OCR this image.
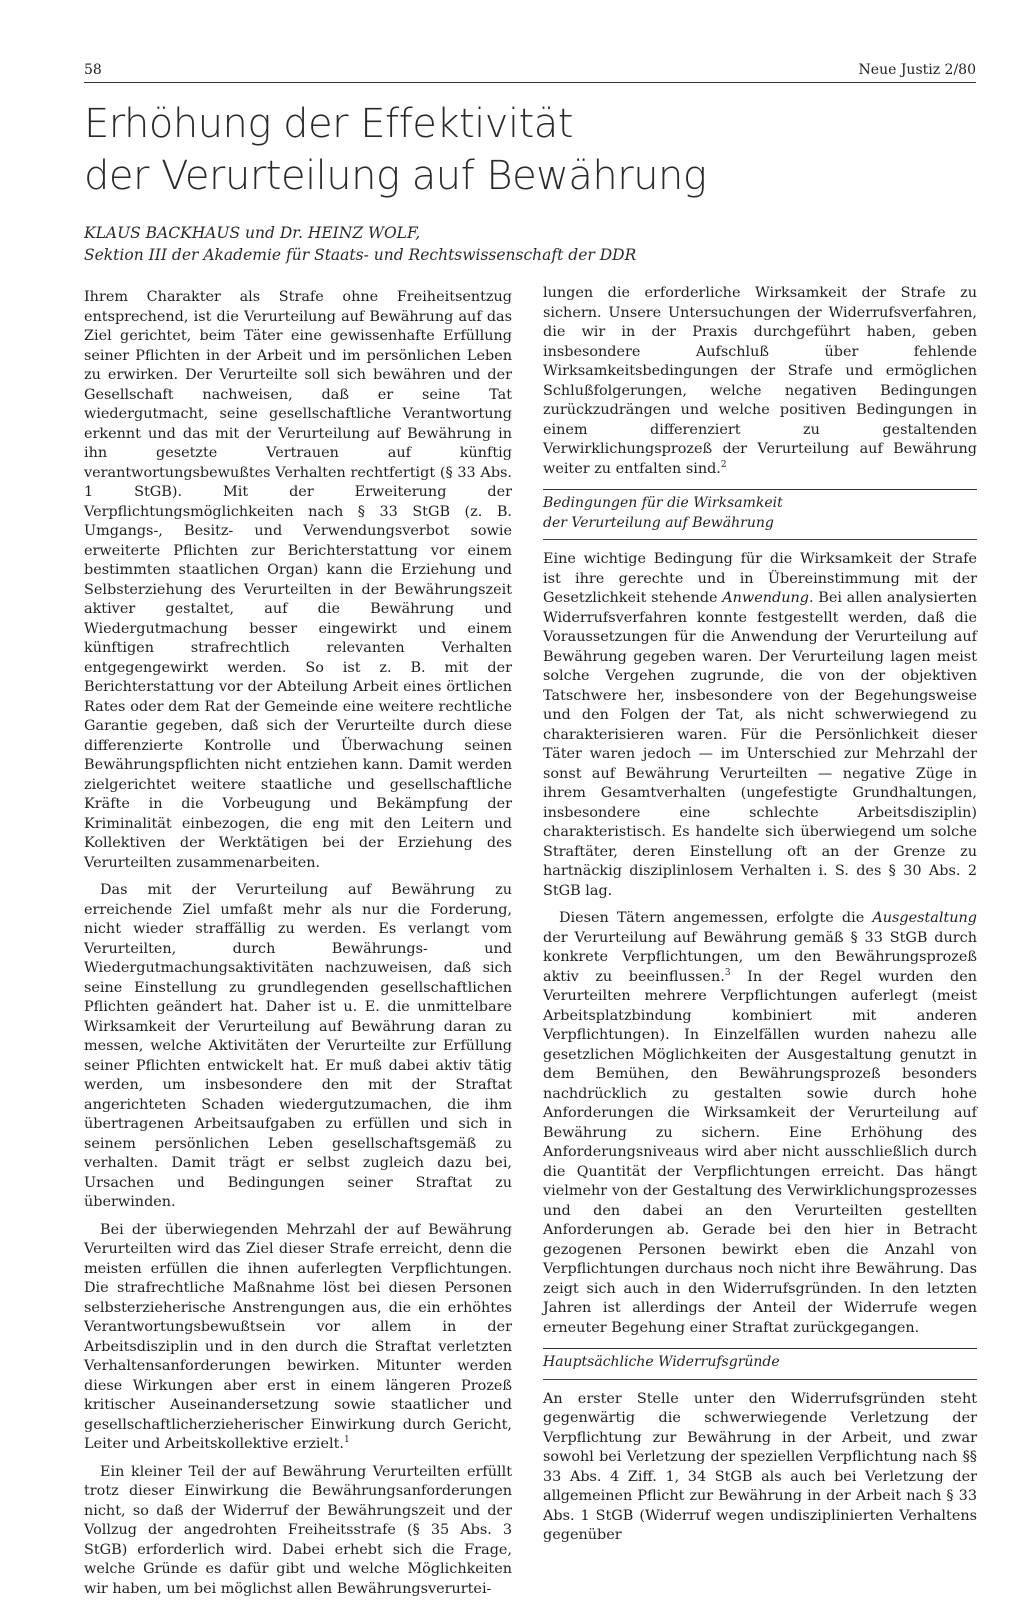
58	Neue Justiz 2/80
Erhöhung der Effektivität
der Verurteilung auf Bewährung
KLAUS BACKHAUS und Dr. HEINZ WOLF,
Sektion III der Akademie für Staats- und Rechtswissenschaft der DDR

Ihrem Charakter als Strafe ohne Freiheitsentzug entsprechend, ist die Verurteilung auf Bewährung auf das Ziel gerichtet, beim Täter eine gewissenhafte Erfüllung seiner Pflichten in der Arbeit und im persönlichen Leben zu erwirken. Der Verurteilte soll sich bewähren und der Gesellschaft nachweisen, daß er seine Tat wiedergutmacht, seine gesellschaftliche Verantwortung erkennt und das mit der Verurteilung auf Bewährung in ihn gesetzte Vertrauen auf künftig verantwortungsbewußtes Verhalten rechtfertigt (§ 33 Abs. 1 StGB). Mit der Erweiterung der Verpflichtungsmöglichkeiten nach § 33 StGB (z. B. Umgangs-, Besitz- und Verwendungsverbot sowie erweiterte Pflichten zur Berichterstattung vor einem bestimmten staatlichen Organ) kann die Erziehung und Selbsterziehung des Verurteilten in der Bewährungszeit aktiver gestaltet, auf die Bewährung und Wiedergutmachung besser eingewirkt und einem künftigen strafrechtlich relevanten Verhalten entgegengewirkt werden. So ist z. B. mit der Berichterstattung vor der Abteilung Arbeit eines örtlichen Rates oder dem Rat der Gemeinde eine weitere rechtliche Garantie gegeben, daß sich der Verurteilte durch diese differenzierte Kontrolle und Überwachung seinen Bewährungspflichten nicht entziehen kann. Damit werden zielgerichtet weitere staatliche und gesellschaftliche Kräfte in die Vorbeugung und Bekämpfung der Kriminalität einbezogen, die eng mit den Leitern und Kollektiven der Werktätigen bei der Erziehung des Verurteilten zusammenarbeiten.

Das mit der Verurteilung auf Bewährung zu erreichende Ziel umfaßt mehr als nur die Forderung, nicht wieder straffällig zu werden. Es verlangt vom Verurteilten, durch Bewährungs- und Wiedergutmachungsaktivitäten nachzuweisen, daß sich seine Einstellung zu grundlegenden gesellschaftlichen Pflichten geändert hat. Daher ist u. E. die unmittelbare Wirksamkeit der Verurteilung auf Bewährung daran zu messen, welche Aktivitäten der Verurteilte zur Erfüllung seiner Pflichten entwickelt hat. Er muß dabei aktiv tätig werden, um insbesondere den mit der Straftat angerichteten Schaden wiedergutzumachen, die ihm übertragenen Arbeitsaufgaben zu erfüllen und sich in seinem persönlichen Leben gesellschaftsgemäß zu verhalten. Damit trägt er selbst zugleich dazu bei, Ursachen und Bedingungen seiner Straftat zu überwinden.

Bei der überwiegenden Mehrzahl der auf Bewährung Verurteilten wird das Ziel dieser Strafe erreicht, denn die meisten erfüllen die ihnen auferlegten Verpflichtungen. Die strafrechtliche Maßnahme löst bei diesen Personen selbsterzieherische Anstrengungen aus, die ein erhöhtes Verantwortungsbewußtsein vor allem in der Arbeitsdisziplin und in den durch die Straftat verletzten Verhaltensanforderungen bewirken. Mitunter werden diese Wirkungen aber erst in einem längeren Prozeß kritischer Auseinandersetzung sowie staatlicher und gesellschaftlicherzieherischer Einwirkung durch Gericht, Leiter und Arbeitskollektive erzielt.$^1$

Ein kleiner Teil der auf Bewährung Verurteilten erfüllt trotz dieser Einwirkung die Bewährungsanforderungen nicht, so daß der Widerruf der Bewährungszeit und der Vollzug der angedrohten Freiheitsstrafe (§ 35 Abs. 3 StGB) erforderlich wird. Dabei erhebt sich die Frage, welche Gründe es dafür gibt und welche Möglichkeiten wir haben, um bei möglichst allen Bewährungsverurtei-

lungen die erforderliche Wirksamkeit der Strafe zu sichern. Unsere Untersuchungen der Widerrufsverfahren, die wir in der Praxis durchgeführt haben, geben insbesondere Aufschluß über fehlende Wirksamkeitsbedingungen der Strafe und ermöglichen Schlußfolgerungen, welche negativen Bedingungen zurückzudrängen und welche positiven Bedingungen in einem differenziert zu gestaltenden Verwirklichungsprozeß der Verurteilung auf Bewährung weiter zu entfalten sind.$^2$

Bedingungen für die Wirksamkeit
der Verurteilung auf Bewährung

Eine wichtige Bedingung für die Wirksamkeit der Strafe ist ihre gerechte und in Übereinstimmung mit der Gesetzlichkeit stehende Anwendung. Bei allen analysierten Widerrufsverfahren konnte festgestellt werden, daß die Voraussetzungen für die Anwendung der Verurteilung auf Bewährung gegeben waren. Der Verurteilung lagen meist solche Vergehen zugrunde, die von der objektiven Tatschwere her, insbesondere von der Begehungsweise und den Folgen der Tat, als nicht schwerwiegend zu charakterisieren waren. Für die Persönlichkeit dieser Täter waren jedoch — im Unterschied zur Mehrzahl der sonst auf Bewährung Verurteilten — negative Züge in ihrem Gesamtverhalten (ungefestigte Grundhaltungen, insbesondere eine schlechte Arbeitsdisziplin) charakteristisch. Es handelte sich überwiegend um solche Straftäter, deren Einstellung oft an der Grenze zu hartnäckig disziplinlosem Verhalten i. S. des § 30 Abs. 2 StGB lag.

Diesen Tätern angemessen, erfolgte die Ausgestaltung der Verurteilung auf Bewährung gemäß § 33 StGB durch konkrete Verpflichtungen, um den Bewährungsprozeß aktiv zu beeinflussen.$^3$ In der Regel wurden den Verurteilten mehrere Verpflichtungen auferlegt (meist Arbeitsplatzbindung kombiniert mit anderen Verpflichtungen). In Einzelfällen wurden nahezu alle gesetzlichen Möglichkeiten der Ausgestaltung genutzt in dem Bemühen, den Bewährungsprozeß besonders nachdrücklich zu gestalten sowie durch hohe Anforderungen die Wirksamkeit der Verurteilung auf Bewährung zu sichern. Eine Erhöhung des Anforderungsniveaus wird aber nicht ausschließlich durch die Quantität der Verpflichtungen erreicht. Das hängt vielmehr von der Gestaltung des Verwirklichungsprozesses und den dabei an den Verurteilten gestellten Anforderungen ab. Gerade bei den hier in Betracht gezogenen Personen bewirkt eben die Anzahl von Verpflichtungen durchaus noch nicht ihre Bewährung. Das zeigt sich auch in den Widerrufsgründen. In den letzten Jahren ist allerdings der Anteil der Widerrufe wegen erneuter Begehung einer Straftat zurückgegangen.

Hauptsächliche Widerrufsgründe

An erster Stelle unter den Widerrufsgründen steht gegenwärtig die schwerwiegende Verletzung der Verpflichtung zur Bewährung in der Arbeit, und zwar sowohl bei Verletzung der speziellen Verpflichtung nach §§ 33 Abs. 4 Ziff. 1, 34 StGB als auch bei Verletzung der allgemeinen Pflicht zur Bewährung in der Arbeit nach § 33 Abs. 1 StGB (Widerruf wegen undisziplinierten Verhaltens gegenüber
